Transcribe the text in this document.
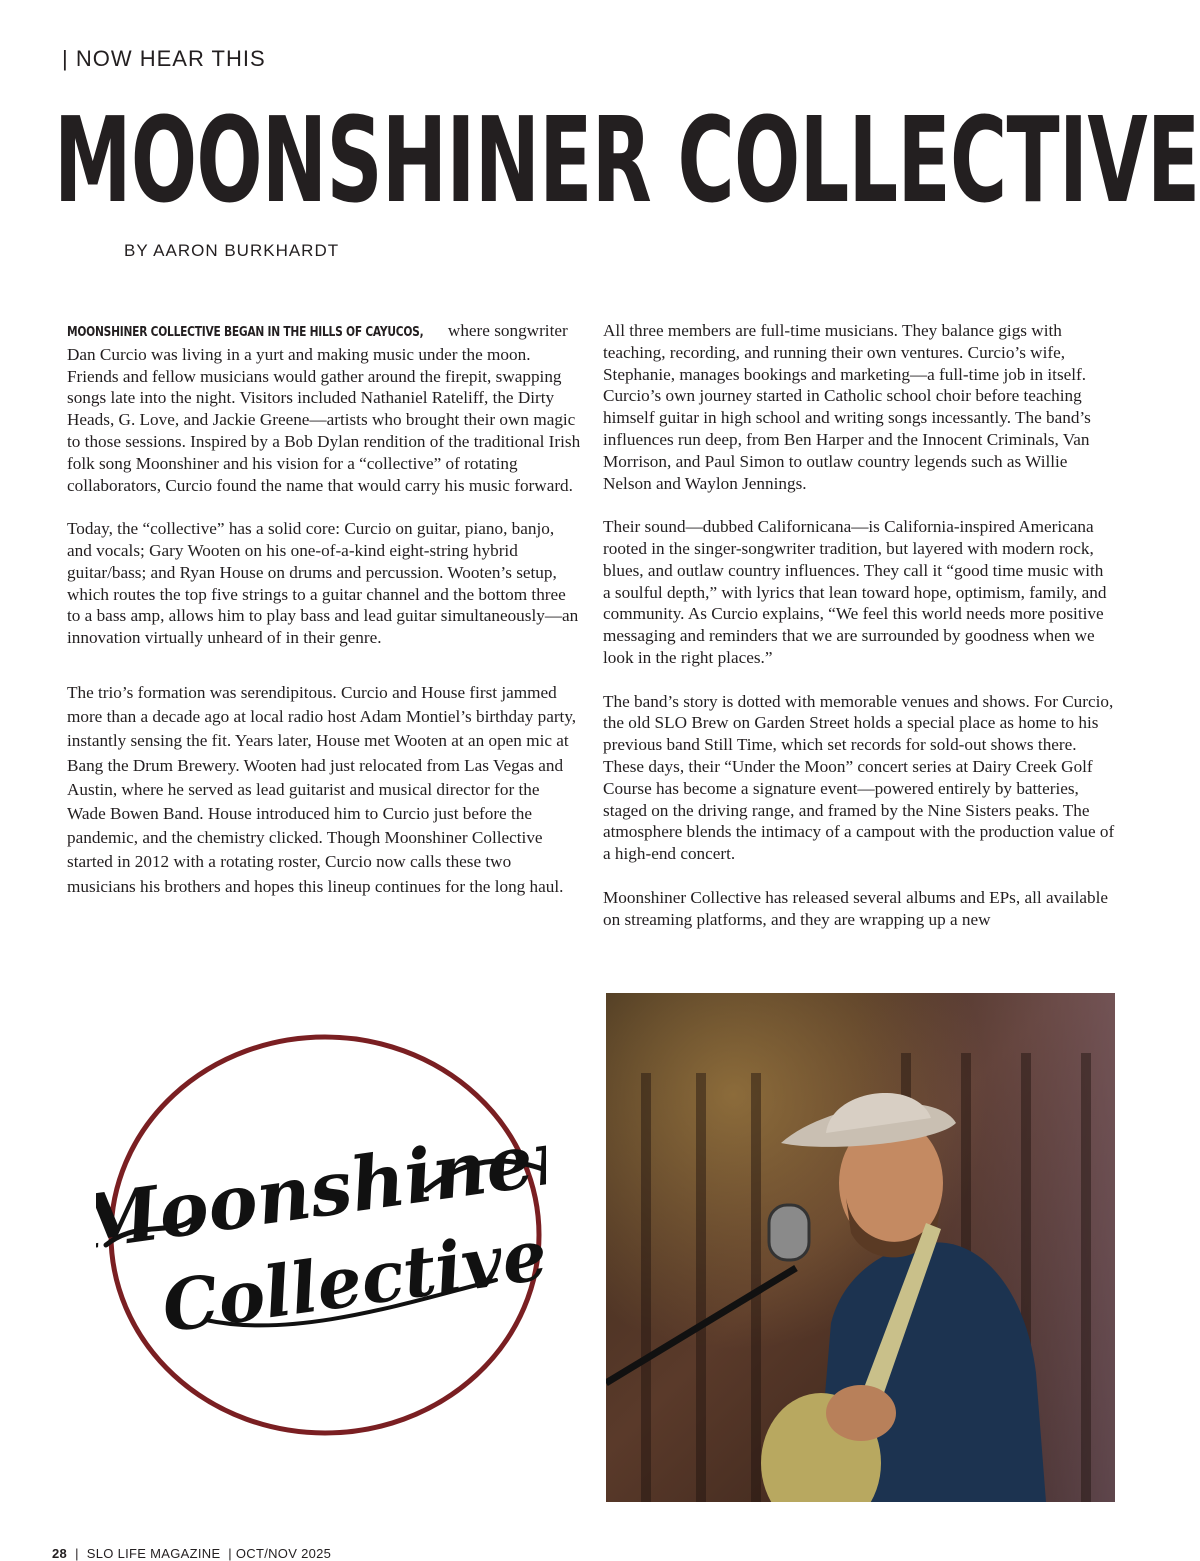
| NOW HEAR THIS
MOONSHINER COLLECTIVE
BY AARON BURKHARDT

MOONSHINER COLLECTIVE BEGAN IN THE HILLS OF CAYUCOS, where songwriter Dan Curcio was living in a yurt and making music under the moon. Friends and fellow musicians would gather around the firepit, swapping songs late into the night. Visitors included Nathaniel Rateliff, the Dirty Heads, G. Love, and Jackie Greene—artists who brought their own magic to those sessions. Inspired by a Bob Dylan rendition of the traditional Irish folk song Moonshiner and his vision for a “collective” of rotating collaborators, Curcio found the name that would carry his music forward.

Today, the “collective” has a solid core: Curcio on guitar, piano, banjo, and vocals; Gary Wooten on his one-of-a-kind eight-string hybrid guitar/bass; and Ryan House on drums and percussion. Wooten’s setup, which routes the top five strings to a guitar channel and the bottom three to a bass amp, allows him to play bass and lead guitar simultaneously—an innovation virtually unheard of in their genre.

The trio’s formation was serendipitous. Curcio and House first jammed more than a decade ago at local radio host Adam Montiel’s birthday party, instantly sensing the fit. Years later, House met Wooten at an open mic at Bang the Drum Brewery. Wooten had just relocated from Las Vegas and Austin, where he served as lead guitarist and musical director for the Wade Bowen Band. House introduced him to Curcio just before the pandemic, and the chemistry clicked. Though Moonshiner Collective started in 2012 with a rotating roster, Curcio now calls these two musicians his brothers and hopes this lineup continues for the long haul.

All three members are full-time musicians. They balance gigs with teaching, recording, and running their own ventures. Curcio’s wife, Stephanie, manages bookings and marketing—a full-time job in itself. Curcio’s own journey started in Catholic school choir before teaching himself guitar in high school and writing songs incessantly. The band’s influences run deep, from Ben Harper and the Innocent Criminals, Van Morrison, and Paul Simon to outlaw country legends such as Willie Nelson and Waylon Jennings.

Their sound—dubbed Californicana—is California-inspired Americana rooted in the singer-songwriter tradition, but layered with modern rock, blues, and outlaw country influences. They call it “good time music with a soulful depth,” with lyrics that lean toward hope, optimism, family, and community. As Curcio explains, “We feel this world needs more positive messaging and reminders that we are surrounded by goodness when we look in the right places.”

The band’s story is dotted with memorable venues and shows. For Curcio, the old SLO Brew on Garden Street holds a special place as home to his previous band Still Time, which set records for sold-out shows there. These days, their “Under the Moon” concert series at Dairy Creek Golf Course has become a signature event—powered entirely by batteries, staged on the driving range, and framed by the Nine Sisters peaks. The atmosphere blends the intimacy of a campout with the production value of a high-end concert.

Moonshiner Collective has released several albums and EPs, all available on streaming platforms, and they are wrapping up a new

Moonshiner
Collective
28 | SLO LIFE MAGAZINE | OCT/NOV 2025
